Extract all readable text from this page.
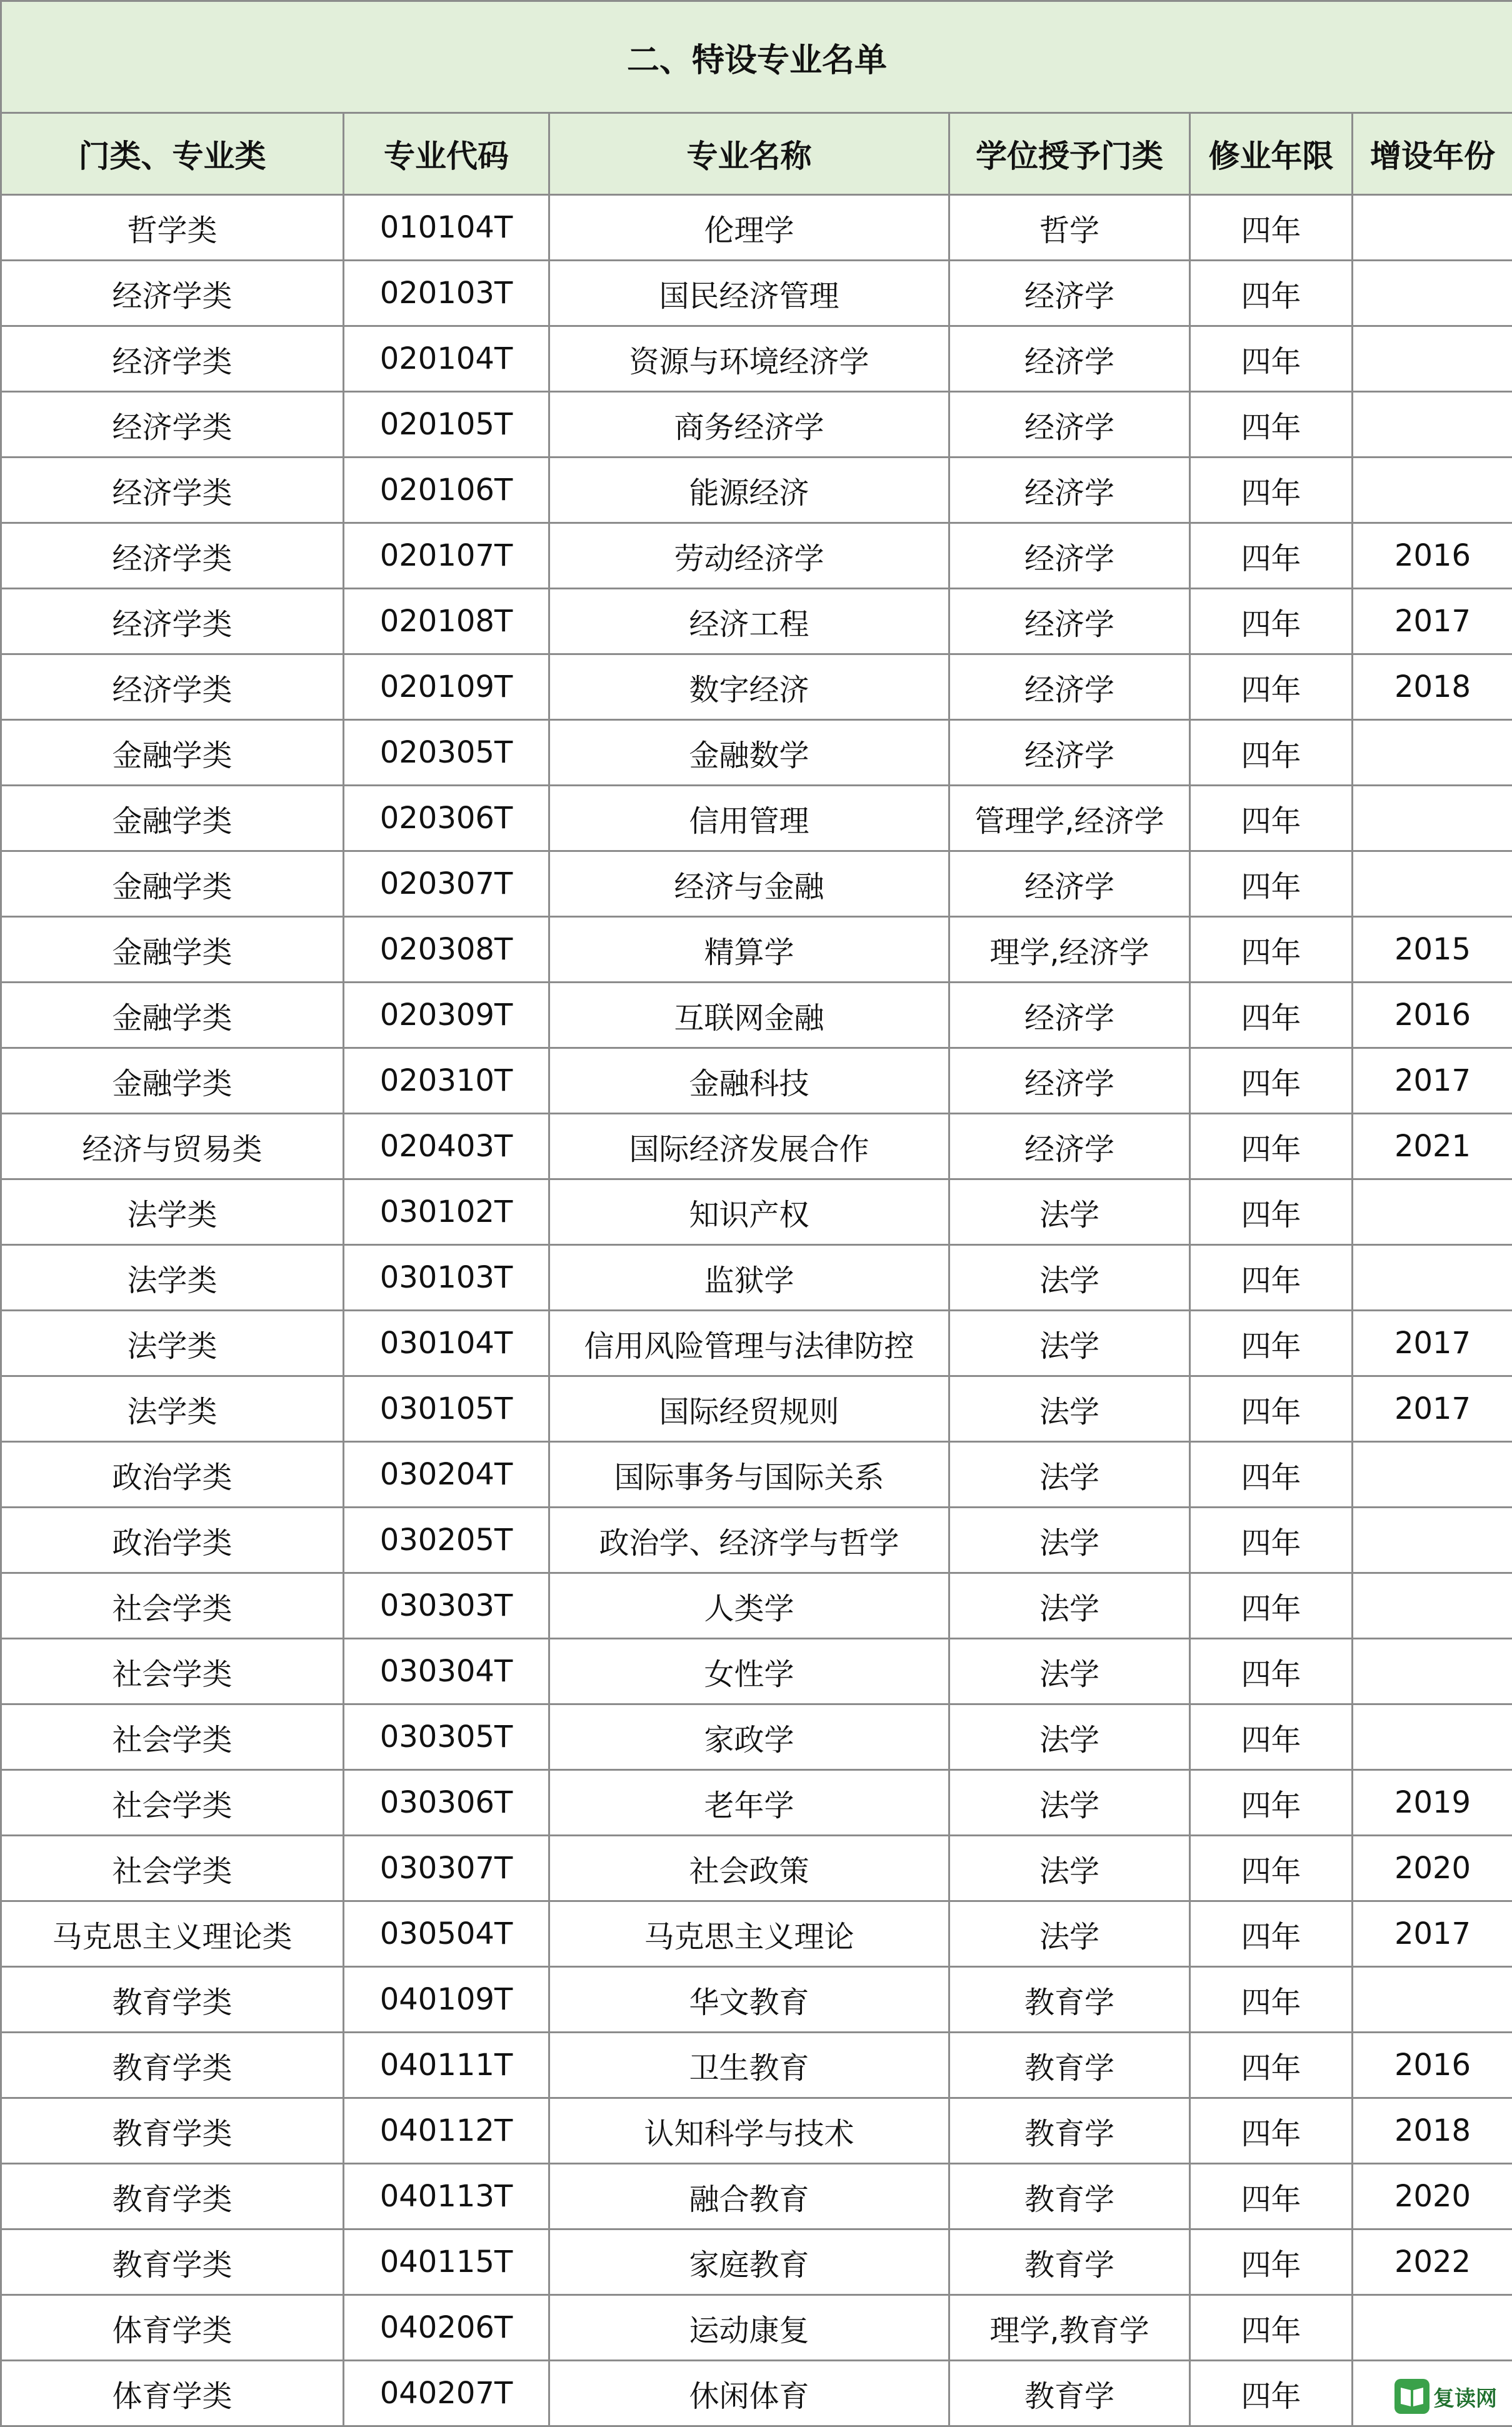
二、特设专业名单					
门类、专业类	专业代码	专业名称	学位授予门类	修业年限	增设年份
哲学类	010104T	伦理学	哲学	四年	
经济学类	020103T	国民经济管理	经济学	四年	
经济学类	020104T	资源与环境经济学	经济学	四年	
经济学类	020105T	商务经济学	经济学	四年	
经济学类	020106T	能源经济	经济学	四年	
经济学类	020107T	劳动经济学	经济学	四年	2016
经济学类	020108T	经济工程	经济学	四年	2017
经济学类	020109T	数字经济	经济学	四年	2018
金融学类	020305T	金融数学	经济学	四年	
金融学类	020306T	信用管理	管理学,经济学	四年	
金融学类	020307T	经济与金融	经济学	四年	
金融学类	020308T	精算学	理学,经济学	四年	2015
金融学类	020309T	互联网金融	经济学	四年	2016
金融学类	020310T	金融科技	经济学	四年	2017
经济与贸易类	020403T	国际经济发展合作	经济学	四年	2021
法学类	030102T	知识产权	法学	四年	
法学类	030103T	监狱学	法学	四年	
法学类	030104T	信用风险管理与法律防控	法学	四年	2017
法学类	030105T	国际经贸规则	法学	四年	2017
政治学类	030204T	国际事务与国际关系	法学	四年	
政治学类	030205T	政治学、经济学与哲学	法学	四年	
社会学类	030303T	人类学	法学	四年	
社会学类	030304T	女性学	法学	四年	
社会学类	030305T	家政学	法学	四年	
社会学类	030306T	老年学	法学	四年	2019
社会学类	030307T	社会政策	法学	四年	2020
马克思主义理论类	030504T	马克思主义理论	法学	四年	2017
教育学类	040109T	华文教育	教育学	四年	
教育学类	040111T	卫生教育	教育学	四年	2016
教育学类	040112T	认知科学与技术	教育学	四年	2018
教育学类	040113T	融合教育	教育学	四年	2020
教育学类	040115T	家庭教育	教育学	四年	2022
体育学类	040206T	运动康复	理学,教育学	四年	
体育学类	040207T	休闲体育	教育学	四年		复读网
